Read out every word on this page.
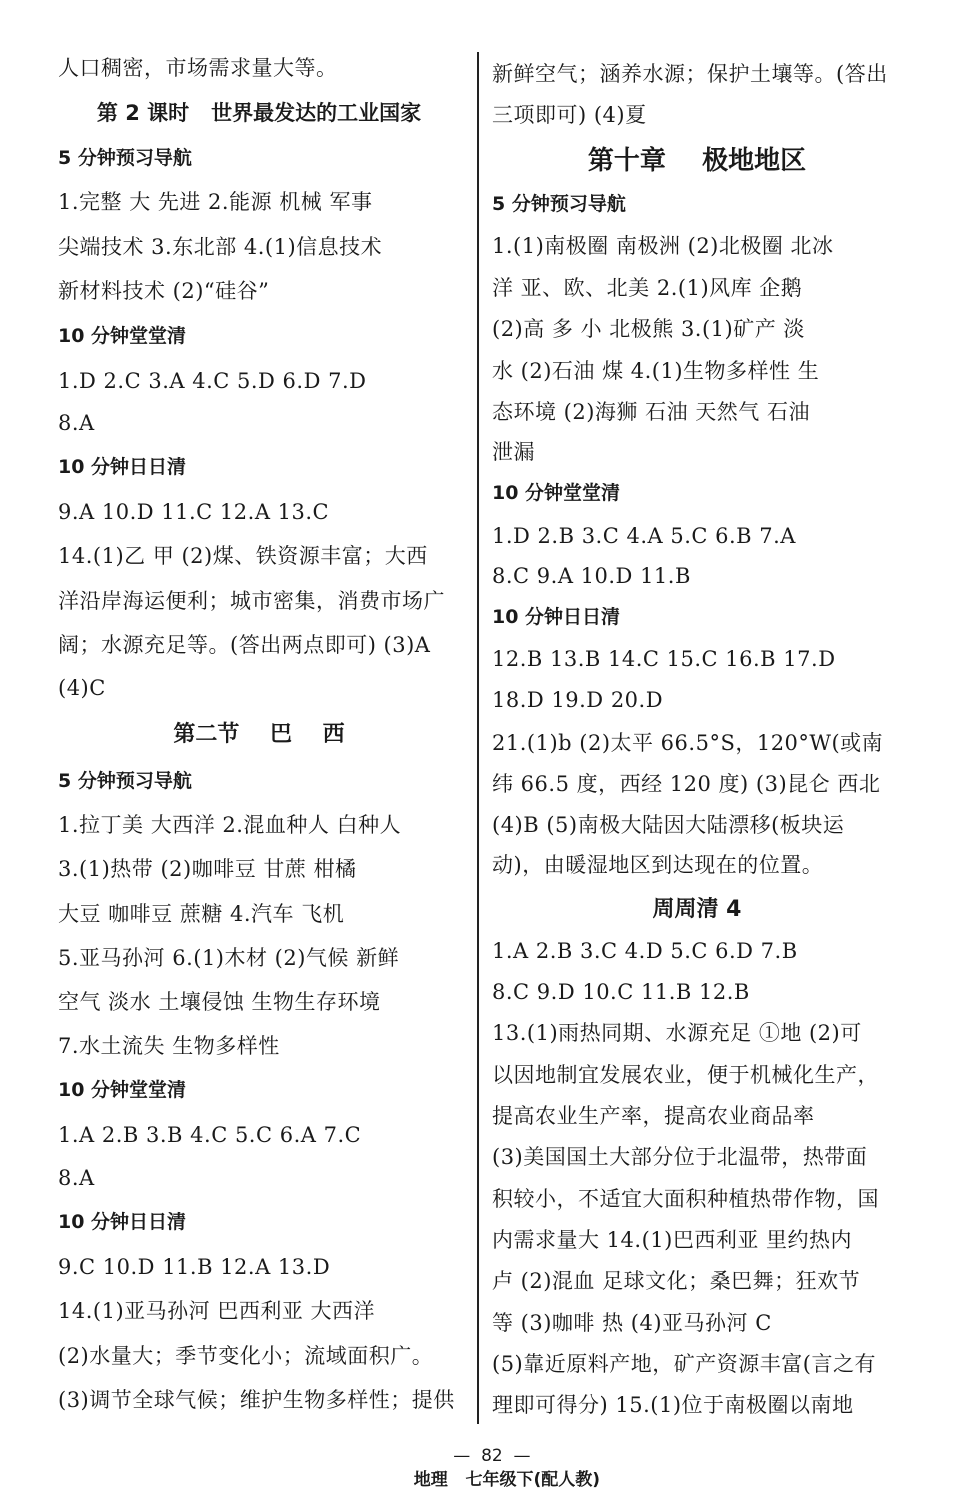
人口稠密，市场需求量大等。
第 2 课时   世界最发达的工业国家
5 分钟预习导航
1.完整 大 先进 2.能源 机械 军事
尖端技术 3.东北部 4.(1)信息技术
新材料技术 (2)“硅谷”
10 分钟堂堂清
1.D 2.C 3.A 4.C 5.D 6.D 7.D
8.A
10 分钟日日清
9.A 10.D 11.C 12.A 13.C
14.(1)乙 甲 (2)煤、铁资源丰富；大西
洋沿岸海运便利；城市密集，消费市场广
阔；水源充足等。(答出两点即可) (3)A
(4)C
第二节    巴    西
5 分钟预习导航
1.拉丁美 大西洋 2.混血种人 白种人
3.(1)热带 (2)咖啡豆 甘蔗 柑橘
大豆 咖啡豆 蔗糖 4.汽车 飞机
5.亚马孙河 6.(1)木材 (2)气候 新鲜
空气 淡水 土壤侵蚀 生物生存环境
7.水土流失 生物多样性
10 分钟堂堂清
1.A 2.B 3.B 4.C 5.C 6.A 7.C
8.A
10 分钟日日清
9.C 10.D 11.B 12.A 13.D
14.(1)亚马孙河 巴西利亚 大西洋
(2)水量大；季节变化小；流域面积广。
(3)调节全球气候；维护生物多样性；提供
新鲜空气；涵养水源；保护土壤等。(答出
三项即可) (4)夏
第十章    极地地区
5 分钟预习导航
1.(1)南极圈 南极洲 (2)北极圈 北冰
洋 亚、欧、北美 2.(1)风库 企鹅
(2)高 多 小 北极熊 3.(1)矿产 淡
水 (2)石油 煤 4.(1)生物多样性 生
态环境 (2)海狮 石油 天然气 石油
泄漏
10 分钟堂堂清
1.D 2.B 3.C 4.A 5.C 6.B 7.A
8.C 9.A 10.D 11.B
10 分钟日日清
12.B 13.B 14.C 15.C 16.B 17.D
18.D 19.D 20.D
21.(1)b (2)太平 66.5°S，120°W(或南
纬 66.5 度，西经 120 度) (3)昆仑 西北
(4)B (5)南极大陆因大陆漂移(板块运
动)，由暖湿地区到达现在的位置。
周周清 4
1.A 2.B 3.C 4.D 5.C 6.D 7.B
8.C 9.D 10.C 11.B 12.B
13.(1)雨热同期、水源充足 ①地 (2)可
以因地制宜发展农业，便于机械化生产，
提高农业生产率，提高农业商品率
(3)美国国土大部分位于北温带，热带面
积较小，不适宜大面积种植热带作物，国
内需求量大 14.(1)巴西利亚 里约热内
卢 (2)混血 足球文化；桑巴舞；狂欢节
等 (3)咖啡 热 (4)亚马孙河 C
(5)靠近原料产地，矿产资源丰富(言之有
理即可得分) 15.(1)位于南极圈以南地

—  82  —
地理   七年级下(配人教)
